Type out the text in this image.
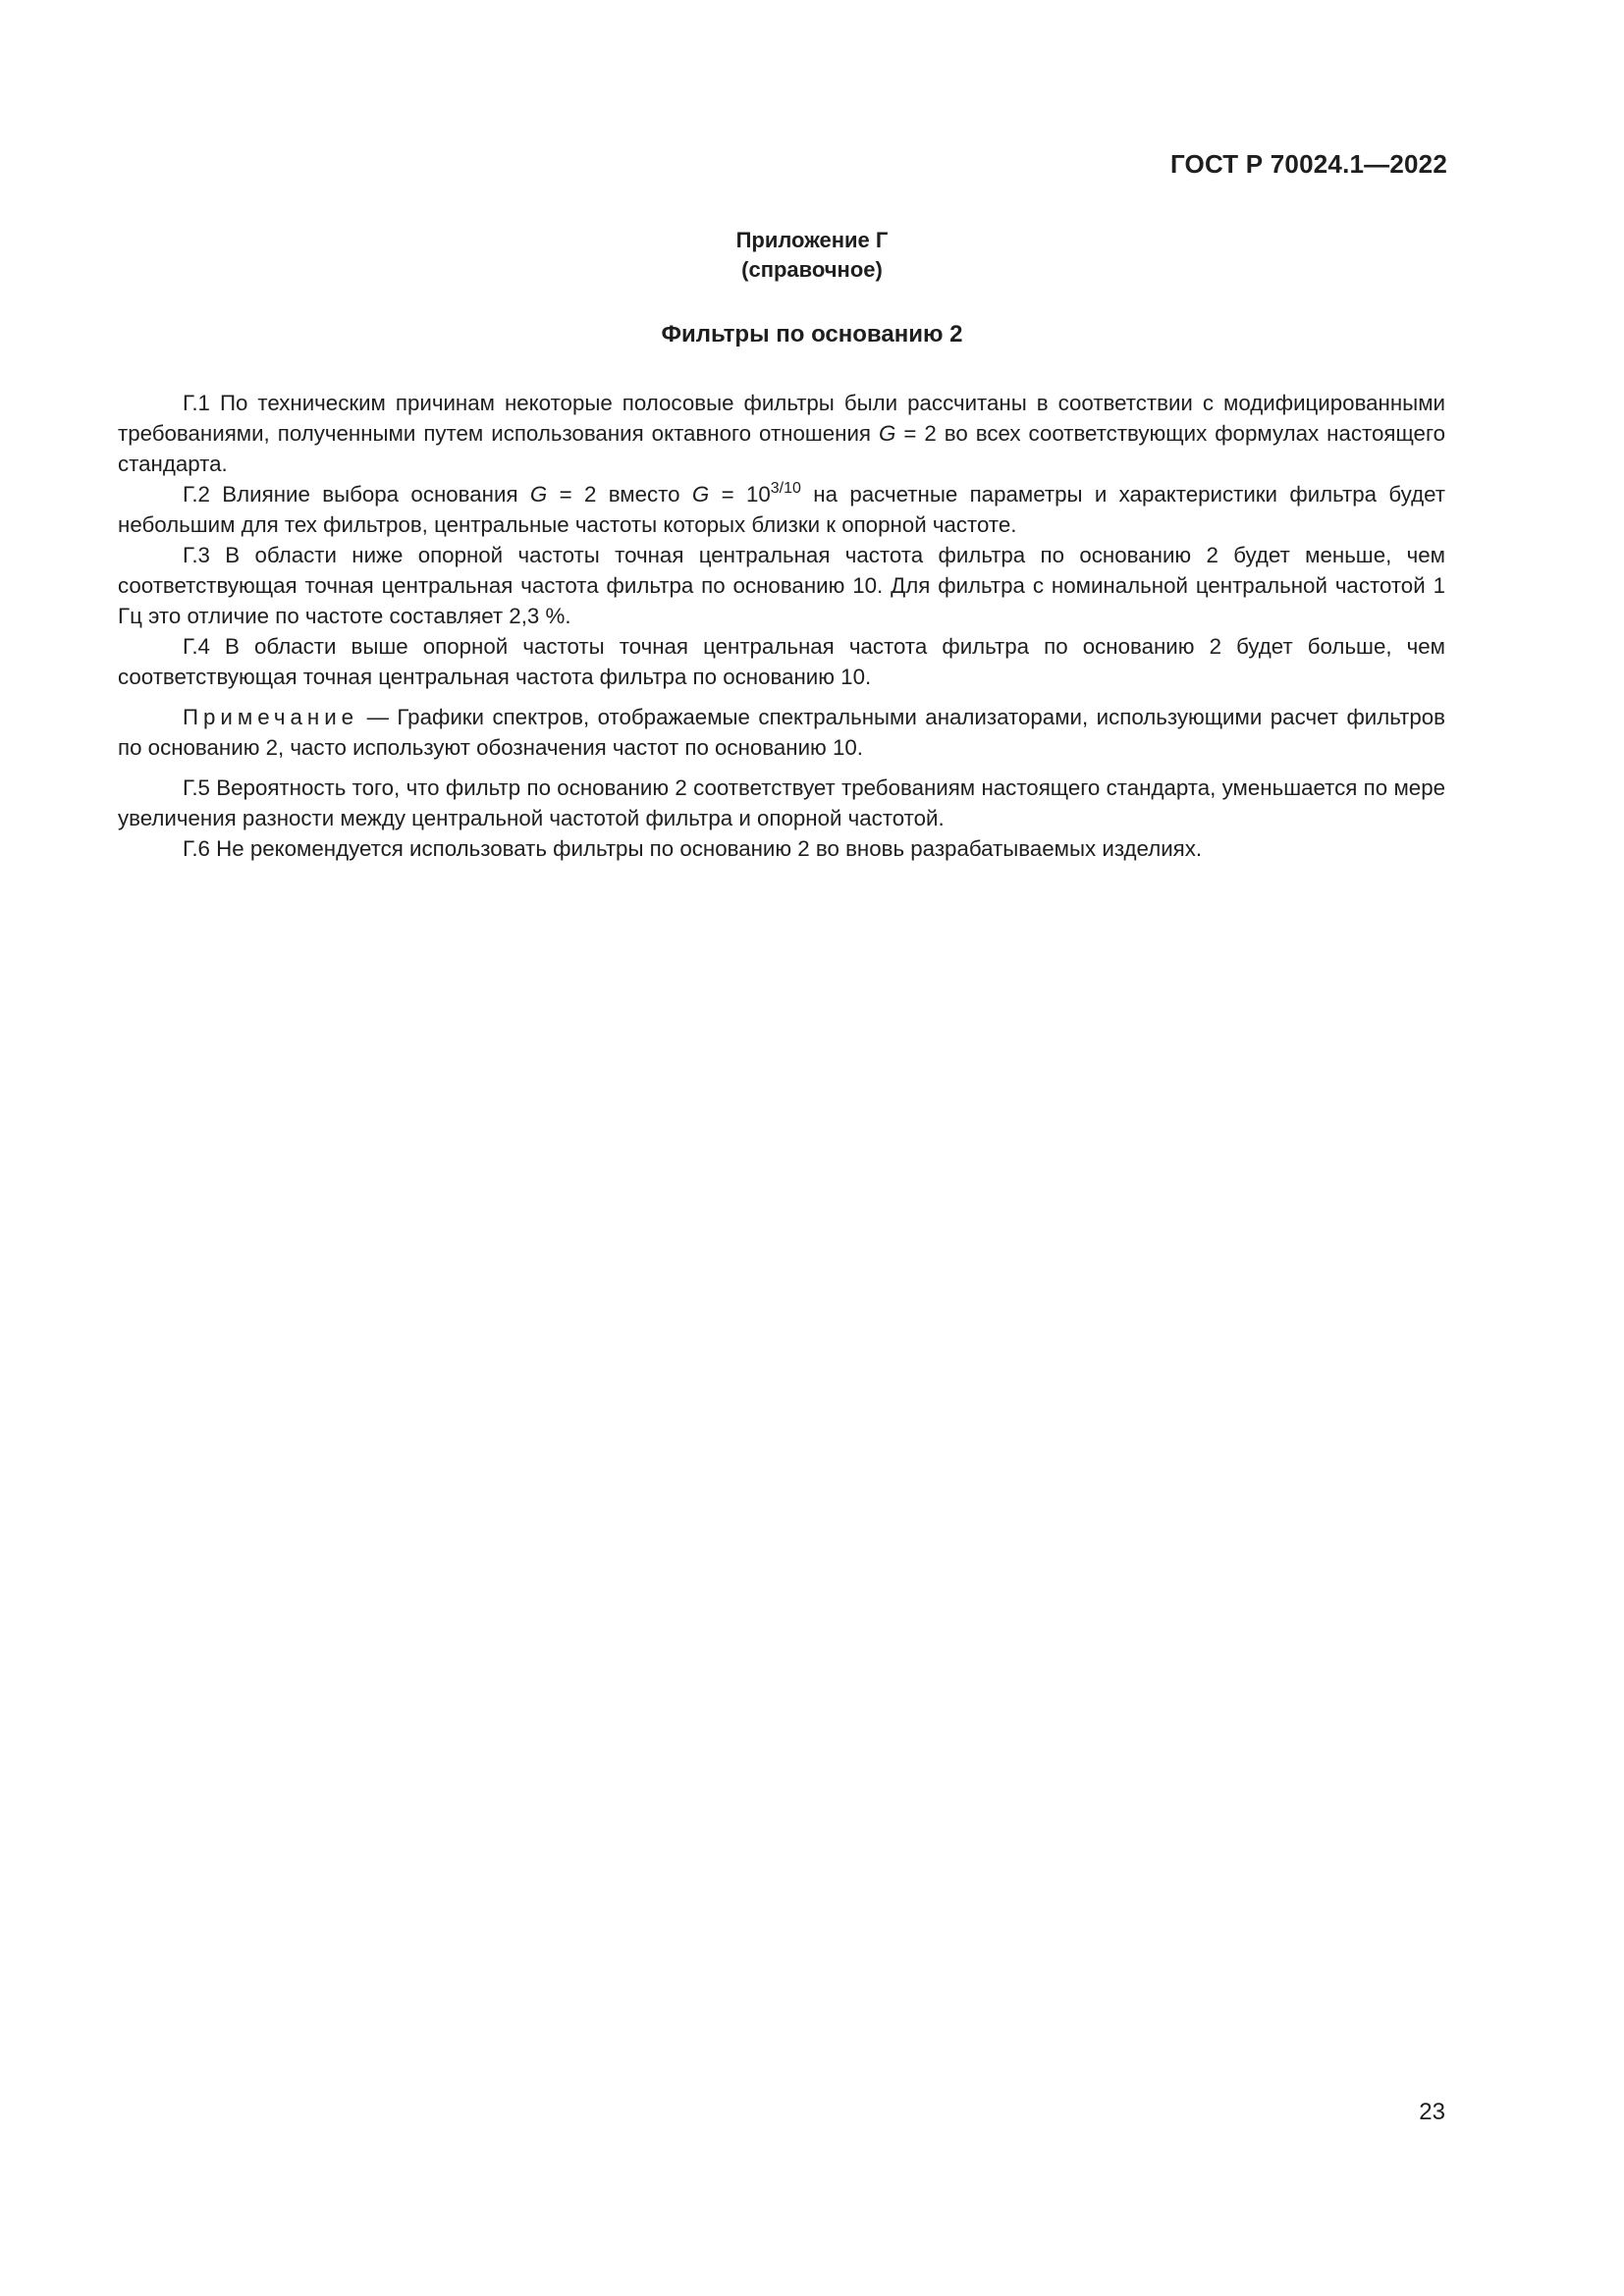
ГОСТ Р 70024.1—2022
Приложение Г
(справочное)
Фильтры по основанию 2

Г.1 По техническим причинам некоторые полосовые фильтры были рассчитаны в соответствии с модифицированными требованиями, полученными путем использования октавного отношения G = 2 во всех соответствующих формулах настоящего стандарта.

Г.2 Влияние выбора основания G = 2 вместо $G = 10^{3/10}$ на расчетные параметры и характеристики фильтра будет небольшим для тех фильтров, центральные частоты которых близки к опорной частоте.

Г.3 В области ниже опорной частоты точная центральная частота фильтра по основанию 2 будет меньше, чем соответствующая точная центральная частота фильтра по основанию 10. Для фильтра с номинальной центральной частотой 1 Гц это отличие по частоте составляет 2,3 %.

Г.4 В области выше опорной частоты точная центральная частота фильтра по основанию 2 будет больше, чем соответствующая точная центральная частота фильтра по основанию 10.

Примечание — Графики спектров, отображаемые спектральными анализаторами, использующими расчет фильтров по основанию 2, часто используют обозначения частот по основанию 10.

Г.5 Вероятность того, что фильтр по основанию 2 соответствует требованиям настоящего стандарта, уменьшается по мере увеличения разности между центральной частотой фильтра и опорной частотой.

Г.6 Не рекомендуется использовать фильтры по основанию 2 во вновь разрабатываемых изделиях.

23
